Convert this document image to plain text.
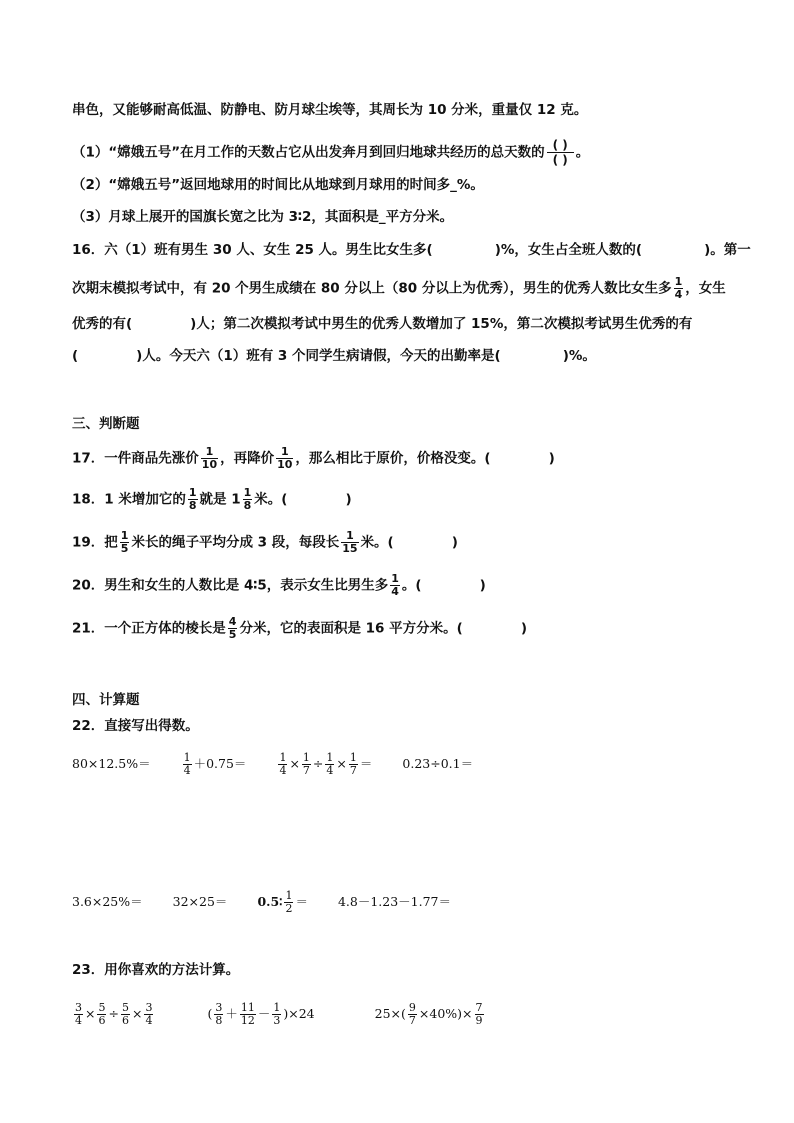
串色，又能够耐高低温、防静电、防月球尘埃等，其周长为 10 分米，重量仅 12 克。
（1）“嫦娥五号”在月工作的天数占它从出发奔月到回归地球共经历的总天数的 ( )
( ) 。
（2）“嫦娥五号”返回地球用的时间比从地球到月球用的时间多_%。
（3）月球上展开的国旗长宽之比为 3∶2，其面积是_平方分米。
16．六（1）班有男生 30 人、女生 25 人。男生比女生多(	)%，女生占全班人数的(	)。第一
次期末模拟考试中，有 20 个男生成绩在 80 分以上（80 分以上为优秀），男生的优秀人数比女生多 $\frac{1}{4}$ ，女生
优秀的有(	)人；第二次模拟考试中男生的优秀人数增加了 15%，第二次模拟考试男生优秀的有
(	)人。今天六（1）班有 3 个同学生病请假，今天的出勤率是(	)%。
三、判断题
17．一件商品先涨价 $\frac{1}{10}$ ，再降价 $\frac{1}{10}$ ，那么相比于原价，价格没变。(	)
18．1 米增加它的 $\frac{1}{8}$ 就是 $1 \frac{1}{8}$ 米。(	)
19．把 $\frac{1}{5}$ 米长的绳子平均分成 3 段，每段长 $\frac{1}{15}$ 米。(	)
20．男生和女生的人数比是 4∶5，表示女生比男生多 $\frac{1}{4}$ 。(	)
21．一个正方体的棱长是 $\frac{4}{5}$ 分米，它的表面积是 16 平方分米。(	)
四、计算题
22．直接写出得数。
80×12.5%＝	$\frac{1}{4} +0.75=$	$\frac{1}{4} \times \frac{1}{7} \div \frac{1}{4} \times \frac{1}{7} = 0.23\div 0.1=$
3.6×25%＝ 32×25＝ 0.5∶ $\frac{1}{2} = 4.8-1.23-1.77=$
23．用你喜欢的方法计算。
$\frac{3}{4} \times \frac{5}{6} \div \frac{5}{6} \times \frac{3}{4}$	( $\frac{3}{8} + \frac{11}{12} - \frac{1}{3} )\times 24$	$25\times( \frac{9}{7} \times 40\%)\times \frac{7}{9}$
